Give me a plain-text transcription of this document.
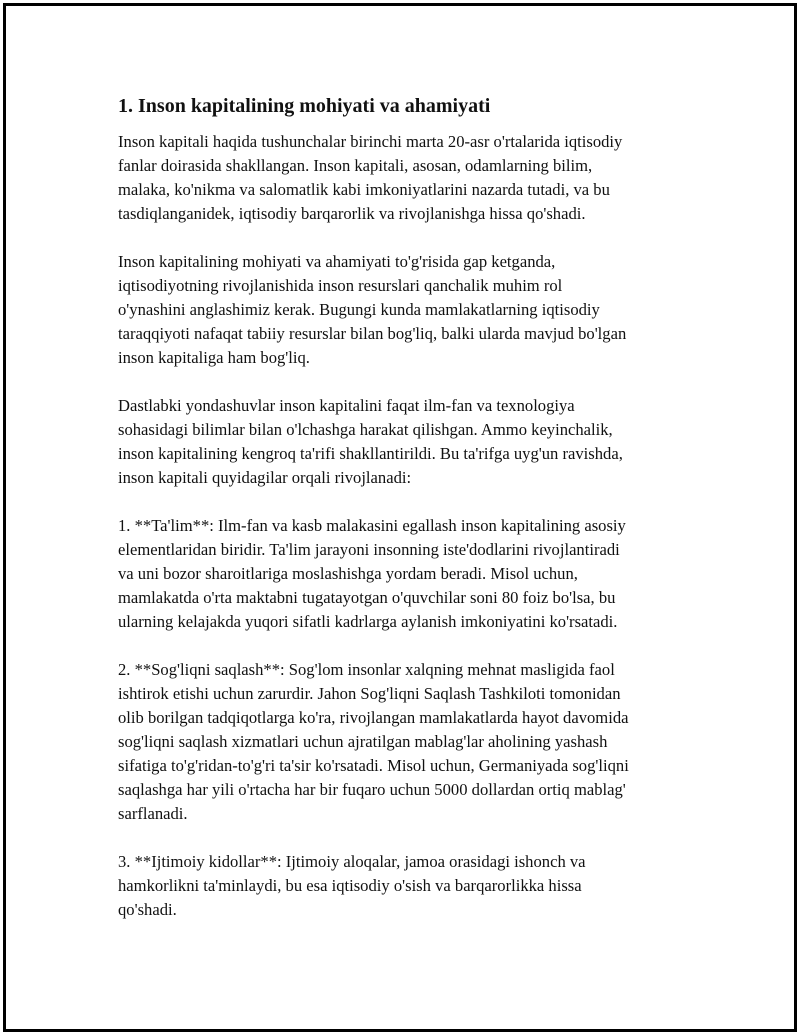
1. Inson kapitalining mohiyati va ahamiyati

Inson kapitali haqida tushunchalar birinchi marta 20-asr o'rtalarida iqtisodiy
fanlar doirasida shakllangan. Inson kapitali, asosan, odamlarning bilim,
malaka, ko'nikma va salomatlik kabi imkoniyatlarini nazarda tutadi, va bu
tasdiqlanganidek, iqtisodiy barqarorlik va rivojlanishga hissa qo'shadi.

Inson kapitalining mohiyati va ahamiyati to'g'risida gap ketganda,
iqtisodiyotning rivojlanishida inson resurslari qanchalik muhim rol
o'ynashini anglashimiz kerak. Bugungi kunda mamlakatlarning iqtisodiy
taraqqiyoti nafaqat tabiiy resurslar bilan bog'liq, balki ularda mavjud bo'lgan
inson kapitaliga ham bog'liq.

Dastlabki yondashuvlar inson kapitalini faqat ilm-fan va texnologiya
sohasidagi bilimlar bilan o'lchashga harakat qilishgan. Ammo keyinchalik,
inson kapitalining kengroq ta'rifi shakllantirildi. Bu ta'rifga uyg'un ravishda,
inson kapitali quyidagilar orqali rivojlanadi:

1. **Ta'lim**: Ilm-fan va kasb malakasini egallash inson kapitalining asosiy
elementlaridan biridir. Ta'lim jarayoni insonning iste'dodlarini rivojlantiradi
va uni bozor sharoitlariga moslashishga yordam beradi. Misol uchun,
mamlakatda o'rta maktabni tugatayotgan o'quvchilar soni 80 foiz bo'lsa, bu
ularning kelajakda yuqori sifatli kadrlarga aylanish imkoniyatini ko'rsatadi.

2. **Sog'liqni saqlash**: Sog'lom insonlar xalqning mehnat masligida faol
ishtirok etishi uchun zarurdir. Jahon Sog'liqni Saqlash Tashkiloti tomonidan
olib borilgan tadqiqotlarga ko'ra, rivojlangan mamlakatlarda hayot davomida
sog'liqni saqlash xizmatlari uchun ajratilgan mablag'lar aholining yashash
sifatiga to'g'ridan-to'g'ri ta'sir ko'rsatadi. Misol uchun, Germaniyada sog'liqni
saqlashga har yili o'rtacha har bir fuqaro uchun 5000 dollardan ortiq mablag'
sarflanadi.

3. **Ijtimoiy kidollar**: Ijtimoiy aloqalar, jamoa orasidagi ishonch va
hamkorlikni ta'minlaydi, bu esa iqtisodiy o'sish va barqarorlikka hissa
qo'shadi.
